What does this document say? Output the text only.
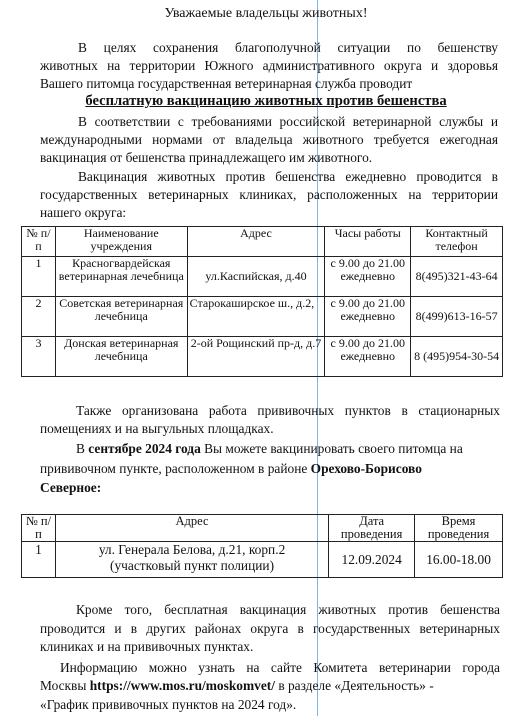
Уважаемые владельцы животных!
В целях сохранения благополучной ситуации по бешенству
животных на территории Южного административного округа и здоровья
Вашего питомца государственная ветеринарная служба проводит
бесплатную вакцинацию животных против бешенства
В соответствии с требованиями российской ветеринарной службы и
международными нормами от владельца животного требуется ежегодная
вакцинация от бешенства принадлежащего им животного.
Вакцинация животных против бешенства ежедневно проводится в
государственных ветеринарных клиниках, расположенных на территории
нашего округа:
№ п/п	Наименование учреждения	Адрес	Часы работы	Контактный телефон
1	Красногвардейская ветеринарная лечебница	ул.Каспийская, д.40	с 9.00 до 21.00 ежедневно	8(495)321-43-64
2	Советская ветеринарная лечебница	Старокаширское ш., д.2,	с 9.00 до 21.00 ежедневно	8(499)613-16-57
3	Донская ветеринарная лечебница	2-ой Рощинский пр-д, д.7	с 9.00 до 21.00 ежедневно	8 (495)954-30-54
Также организована работа прививочных пунктов в стационарных
помещениях и на выгульных площадках.
В сентябре 2024 года Вы можете вакцинировать своего питомца на
прививочном пункте, расположенном в районе Орехово-Борисово
Северное:
№ п/п	Адрес	Дата проведения	Время проведения
1	ул. Генерала Белова, д.21, корп.2 (участковый пункт полиции)	12.09.2024	16.00-18.00
Кроме того, бесплатная вакцинация животных против бешенства
проводится и в других районах округа в государственных ветеринарных
клиниках и на прививочных пунктах.
Информацию можно узнать на сайте Комитета ветеринарии города
Москвы https://www.mos.ru/moskomvet/ в разделе «Деятельность» -
«График прививочных пунктов на 2024 год».
